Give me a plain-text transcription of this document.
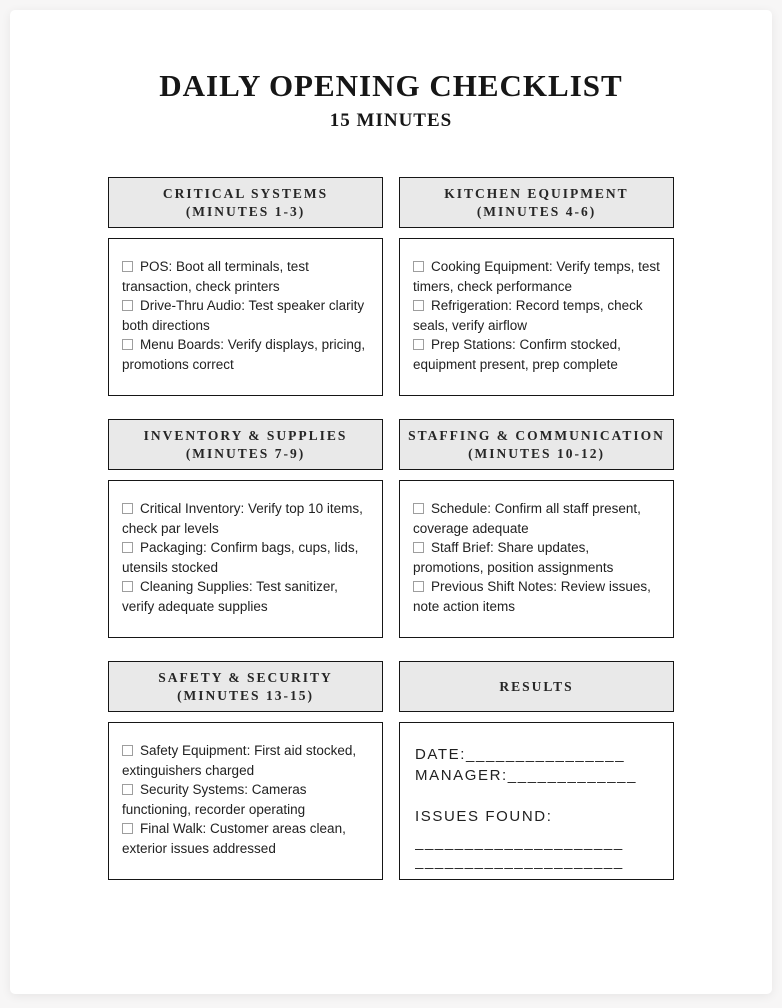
DAILY OPENING CHECKLIST
15 MINUTES
CRITICAL SYSTEMS
(MINUTES 1-3)
POS: Boot all terminals, test transaction, check printers
Drive-Thru Audio: Test speaker clarity both directions
Menu Boards: Verify displays, pricing, promotions correct
KITCHEN EQUIPMENT
(MINUTES 4-6)
Cooking Equipment: Verify temps, test timers, check performance
Refrigeration: Record temps, check seals, verify airflow
Prep Stations: Confirm stocked, equipment present, prep complete
INVENTORY & SUPPLIES
(MINUTES 7-9)
Critical Inventory: Verify top 10 items, check par levels
Packaging: Confirm bags, cups, lids, utensils stocked
Cleaning Supplies: Test sanitizer, verify adequate supplies
STAFFING & COMMUNICATION
(MINUTES 10-12)
Schedule: Confirm all staff present, coverage adequate
Staff Brief: Share updates, promotions, position assignments
Previous Shift Notes: Review issues, note action items
SAFETY & SECURITY
(MINUTES 13-15)
Safety Equipment: First aid stocked, extinguishers charged
Security Systems: Cameras functioning, recorder operating
Final Walk: Customer areas clean, exterior issues addressed
RESULTS
DATE:________________
MANAGER:_____________
ISSUES FOUND:
_____________________
_____________________
